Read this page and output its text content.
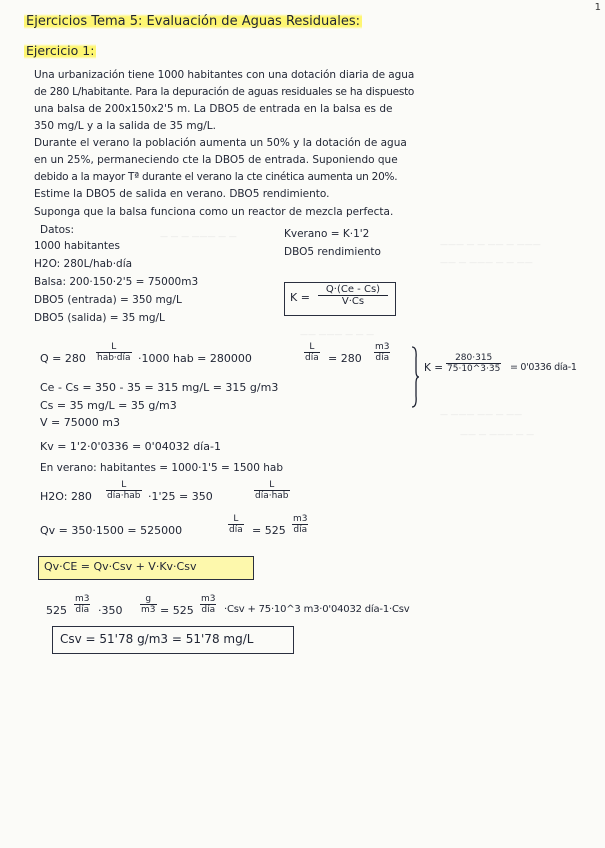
1
Ejercicios Tema 5: Evaluación de Aguas Residuales:
Ejercicio 1:
Una urbanización tiene 1000 habitantes con una dotación diaria de agua
de 280 L/habitante. Para la depuración de aguas residuales se ha dispuesto
una balsa de 200x150x2'5 m. La DBO5 de entrada en la balsa es de
350 mg/L y a la salida de 35 mg/L.
Durante el verano la población aumenta un 50% y la dotación de agua
en un 25%, permaneciendo cte la DBO5 de entrada. Suponiendo que
debido a la mayor Tª durante el verano la cte cinética aumenta un 20%.
Estime la DBO5 de salida en verano. DBO5 rendimiento.
Suponga que la balsa funciona como un reactor de mezcla perfecta.
— — — ——— — —
——— — — —— — ———
—— — ——— — — ——
—— ——— — — —
— ——— —— — ——
—— — ——— — —
Datos:
1000 habitantes
H2O: 280L/hab·día
Balsa: 200·150·2'5 = 75000m3
DBO5 (entrada) = 350 mg/L
DBO5 (salida) = 35 mg/L
Kverano = K·1'2
DBO5 rendimiento
$K = \frac{Q\cdot(Ce - Cs)}{V\cdot Cs}$
Q = 280
L
hab·día ·1000 hab = 280000
L
día = 280
m3
día
$K = \frac{280\cdot 315}{75\cdot 10\^{}3\cdot 35} = 0'0336$ día-1
Ce - Cs = 350 - 35 = 315 mg/L = 315 g/m3
Cs = 35 mg/L = 35 g/m3
V = 75000 m3
Kv = 1'2·0'0336 = 0'04032 día-1
En verano: habitantes = 1000·1'5 = 1500 hab
H2O: 280
L
día·hab ·1'25 = 350
L
día·hab
Qv = 350·1500 = 525000
L
día = 525
m3
día
Qv·CE = Qv·Csv + V·Kv·Csv
525
m3
día $\cdot 350 \frac{g}{m3} = 525$
m3
día ·Csv + 75·10^3 m3·0'04032 día-1·Csv
Csv = 51'78 g/m3 = 51'78 mg/L
